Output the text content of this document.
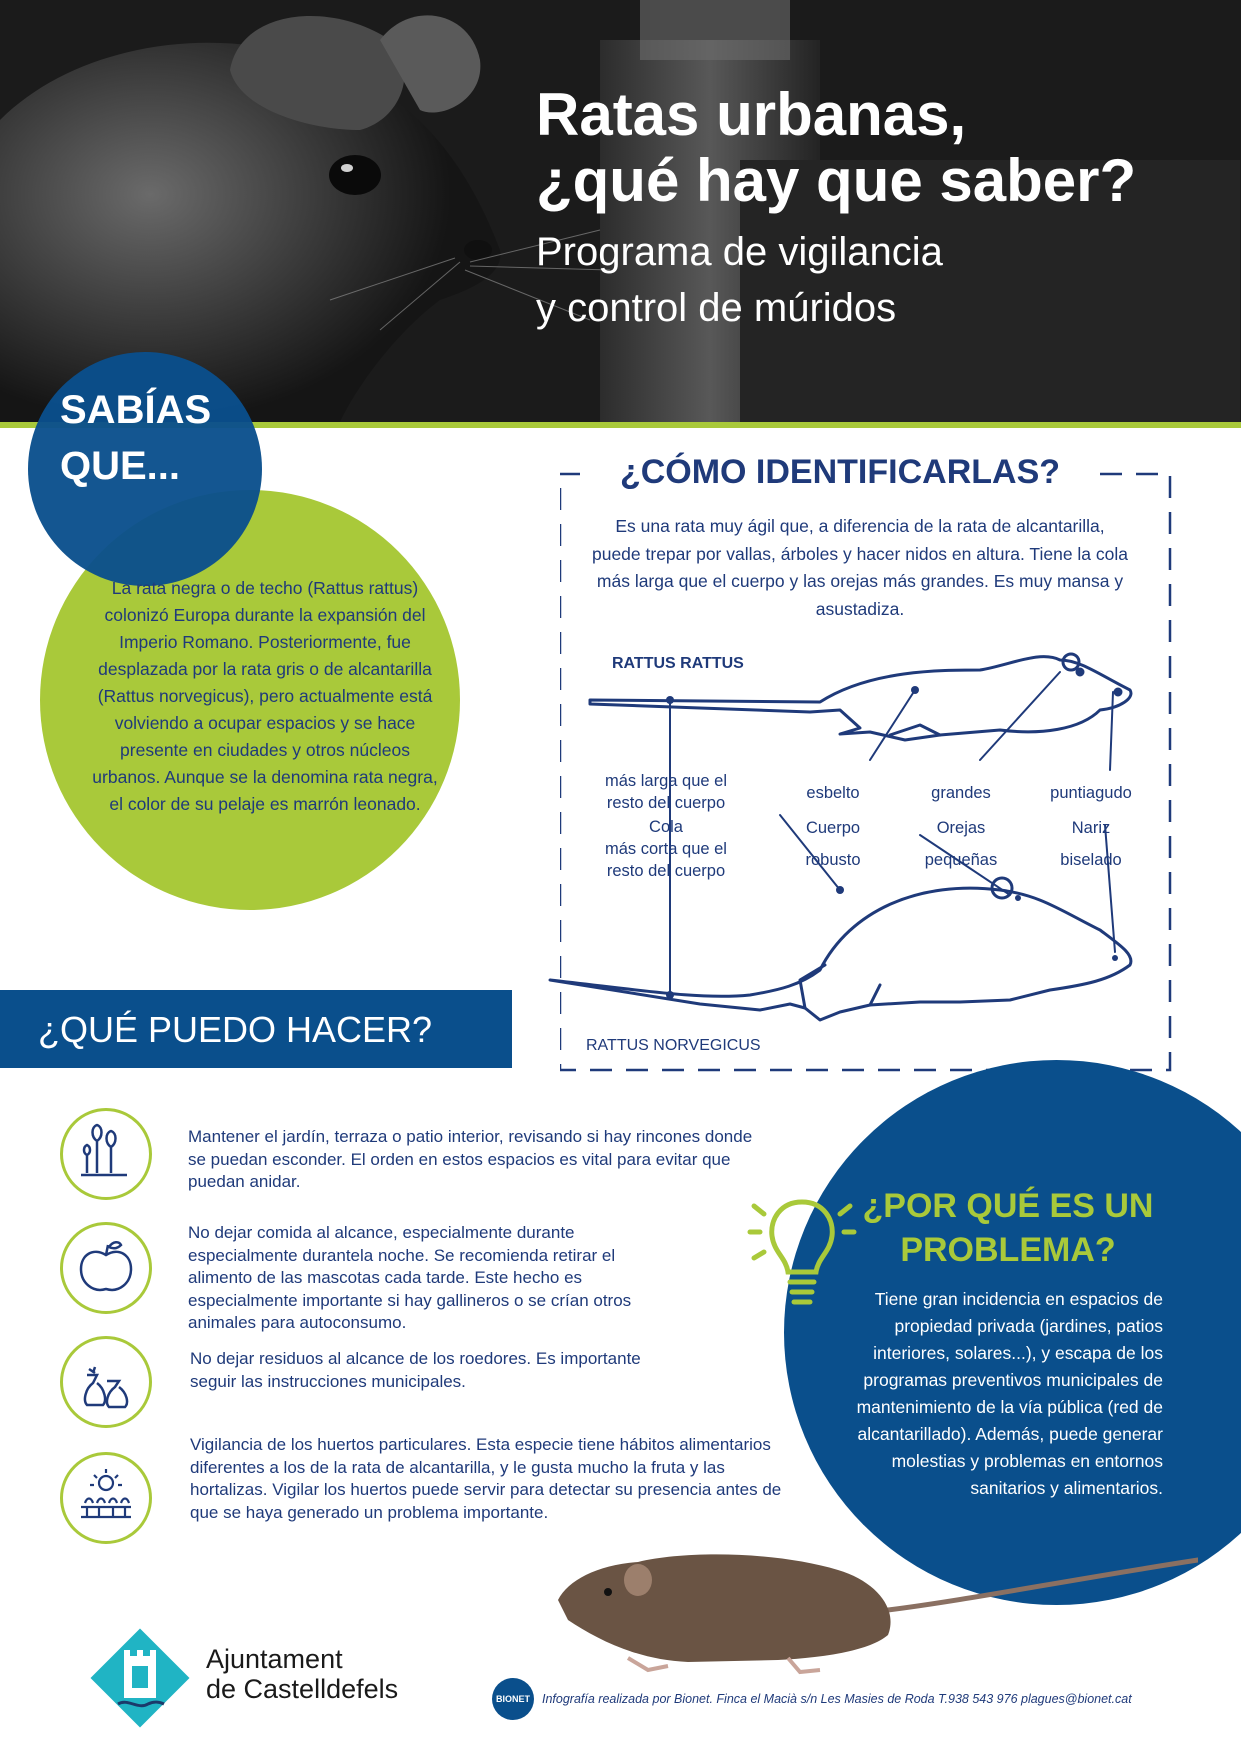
Ratas urbanas,
¿qué hay que saber?
Programa de vigilancia
y control de múridos
SABÍAS
QUE...
La rata negra o de techo (Rattus rattus) colonizó Europa durante la expansión del Imperio Romano. Posteriormente, fue desplazada por la rata gris o de alcantarilla (Rattus norvegicus), pero actualmente está volviendo a ocupar espacios y se hace presente en ciudades y otros núcleos urbanos. Aunque se la denomina rata negra, el color de su pelaje es marrón leonado.
¿CÓMO IDENTIFICARLAS?
Es una rata muy ágil que, a diferencia de la rata de alcantarilla, puede trepar por vallas, árboles y hacer nidos en altura. Tiene la cola más larga que el cuerpo y las orejas más grandes. Es muy mansa y asustadiza.
RATTUS RATTUS
RATTUS NORVEGICUS
más larga que el resto del cuerpo
Cola
más corta que el resto del cuerpo
esbelto
Cuerpo
robusto
grandes
Orejas
pequeñas
puntiagudo
Nariz
biselado
¿QUÉ PUEDO HACER?
Mantener el jardín, terraza o patio interior, revisando si hay rincones donde se puedan esconder. El orden en estos espacios es vital para evitar que puedan anidar.
No dejar comida al alcance, especialmente durante especialmente durantela noche. Se recomienda retirar el alimento de las mascotas cada tarde. Este hecho es especialmente importante si hay gallineros o se crían otros animales para autoconsumo.
No dejar residuos al alcance de los roedores. Es importante seguir las instrucciones municipales.
Vigilancia de los huertos particulares. Esta especie tiene hábitos alimentarios diferentes a los de la rata de alcantarilla, y le gusta mucho la fruta y las hortalizas. Vigilar los huertos puede servir para detectar su presencia antes de que se haya generado un problema importante.
¿POR QUÉ ES UN
PROBLEMA?
Tiene gran incidencia en espacios de propiedad privada (jardines, patios interiores, solares...), y escapa de los programas preventivos municipales de mantenimiento de la vía pública (red de alcantarillado). Además, puede generar molestias y problemas en entornos sanitarios y alimentarios.
Ajuntament
de Castelldefels	BIONET Infografía realizada por Bionet. Finca el Macià s/n Les Masies de Roda T.938 543 976 plagues@bionet.cat
